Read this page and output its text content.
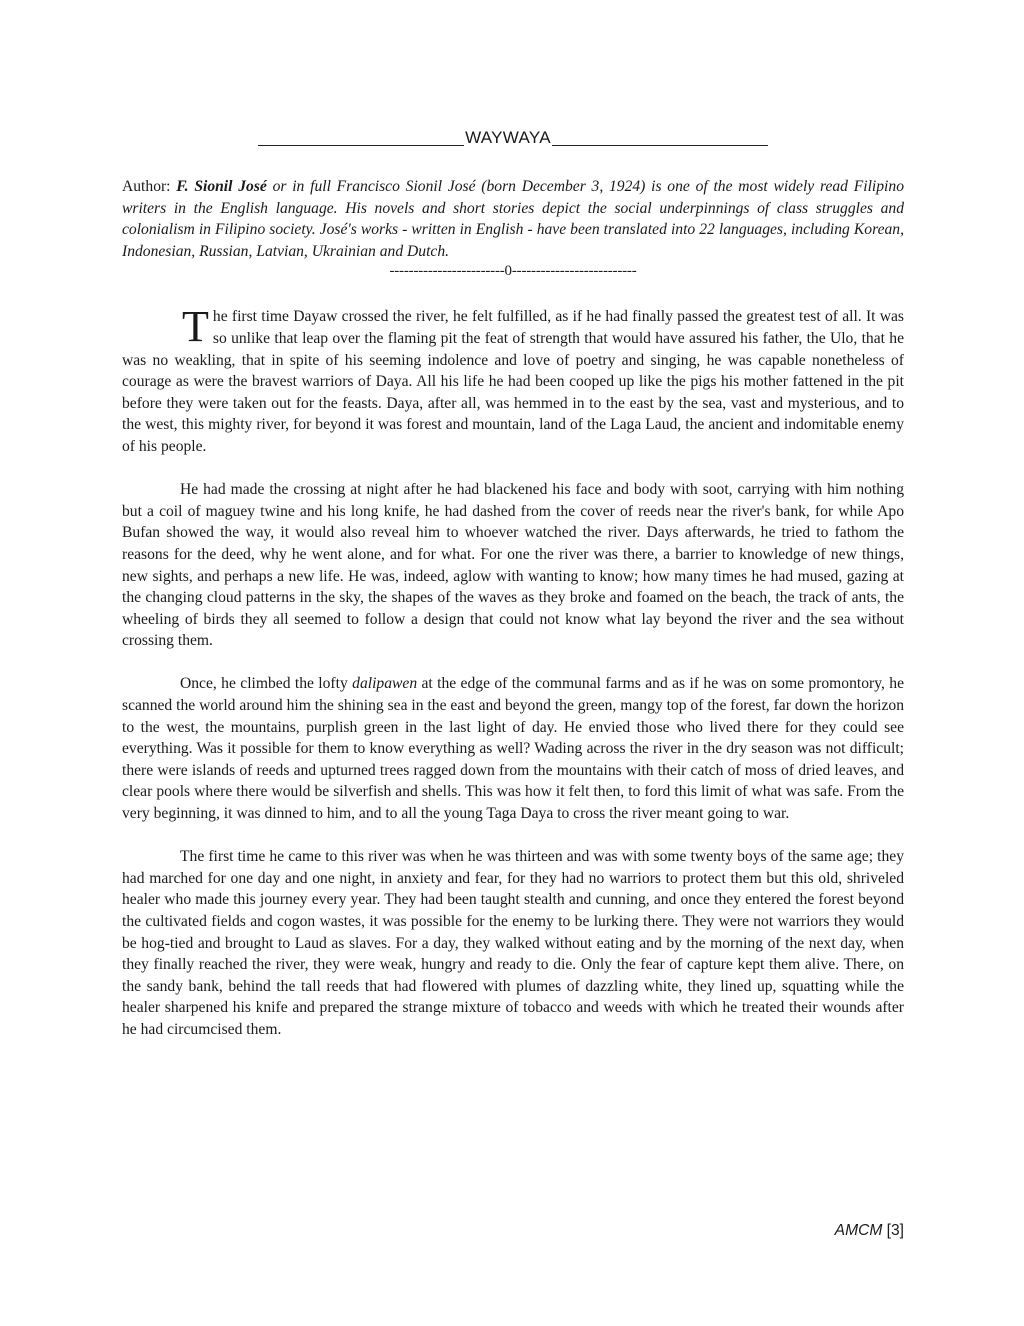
WAYWAYA
Author: F. Sionil José or in full Francisco Sionil José (born December 3, 1924) is one of the most widely read Filipino writers in the English language. His novels and short stories depict the social underpinnings of class struggles and colonialism in Filipino society. José's works - written in English - have been translated into 22 languages, including Korean, Indonesian, Russian, Latvian, Ukrainian and Dutch.
------------------------0--------------------------

The first time Dayaw crossed the river, he felt fulfilled, as if he had finally passed the greatest test of all. It was so unlike that leap over the flaming pit the feat of strength that would have assured his father, the Ulo, that he was no weakling, that in spite of his seeming indolence and love of poetry and singing, he was capable nonetheless of courage as were the bravest warriors of Daya. All his life he had been cooped up like the pigs his mother fattened in the pit before they were taken out for the feasts. Daya, after all, was hemmed in to the east by the sea, vast and mysterious, and to the west, this mighty river, for beyond it was forest and mountain, land of the Laga Laud, the ancient and indomitable enemy of his people.

He had made the crossing at night after he had blackened his face and body with soot, carrying with him nothing but a coil of maguey twine and his long knife, he had dashed from the cover of reeds near the river's bank, for while Apo Bufan showed the way, it would also reveal him to whoever watched the river. Days afterwards, he tried to fathom the reasons for the deed, why he went alone, and for what. For one the river was there, a barrier to knowledge of new things, new sights, and perhaps a new life. He was, indeed, aglow with wanting to know; how many times he had mused, gazing at the changing cloud patterns in the sky, the shapes of the waves as they broke and foamed on the beach, the track of ants, the wheeling of birds they all seemed to follow a design that could not know what lay beyond the river and the sea without crossing them.

Once, he climbed the lofty dalipawen at the edge of the communal farms and as if he was on some promontory, he scanned the world around him the shining sea in the east and beyond the green, mangy top of the forest, far down the horizon to the west, the mountains, purplish green in the last light of day. He envied those who lived there for they could see everything. Was it possible for them to know everything as well? Wading across the river in the dry season was not difficult; there were islands of reeds and upturned trees ragged down from the mountains with their catch of moss of dried leaves, and clear pools where there would be silverfish and shells. This was how it felt then, to ford this limit of what was safe. From the very beginning, it was dinned to him, and to all the young Taga Daya to cross the river meant going to war.

The first time he came to this river was when he was thirteen and was with some twenty boys of the same age; they had marched for one day and one night, in anxiety and fear, for they had no warriors to protect them but this old, shriveled healer who made this journey every year. They had been taught stealth and cunning, and once they entered the forest beyond the cultivated fields and cogon wastes, it was possible for the enemy to be lurking there. They were not warriors they would be hog-tied and brought to Laud as slaves. For a day, they walked without eating and by the morning of the next day, when they finally reached the river, they were weak, hungry and ready to die. Only the fear of capture kept them alive. There, on the sandy bank, behind the tall reeds that had flowered with plumes of dazzling white, they lined up, squatting while the healer sharpened his knife and prepared the strange mixture of tobacco and weeds with which he treated their wounds after he had circumcised them.

AMCM [3]
